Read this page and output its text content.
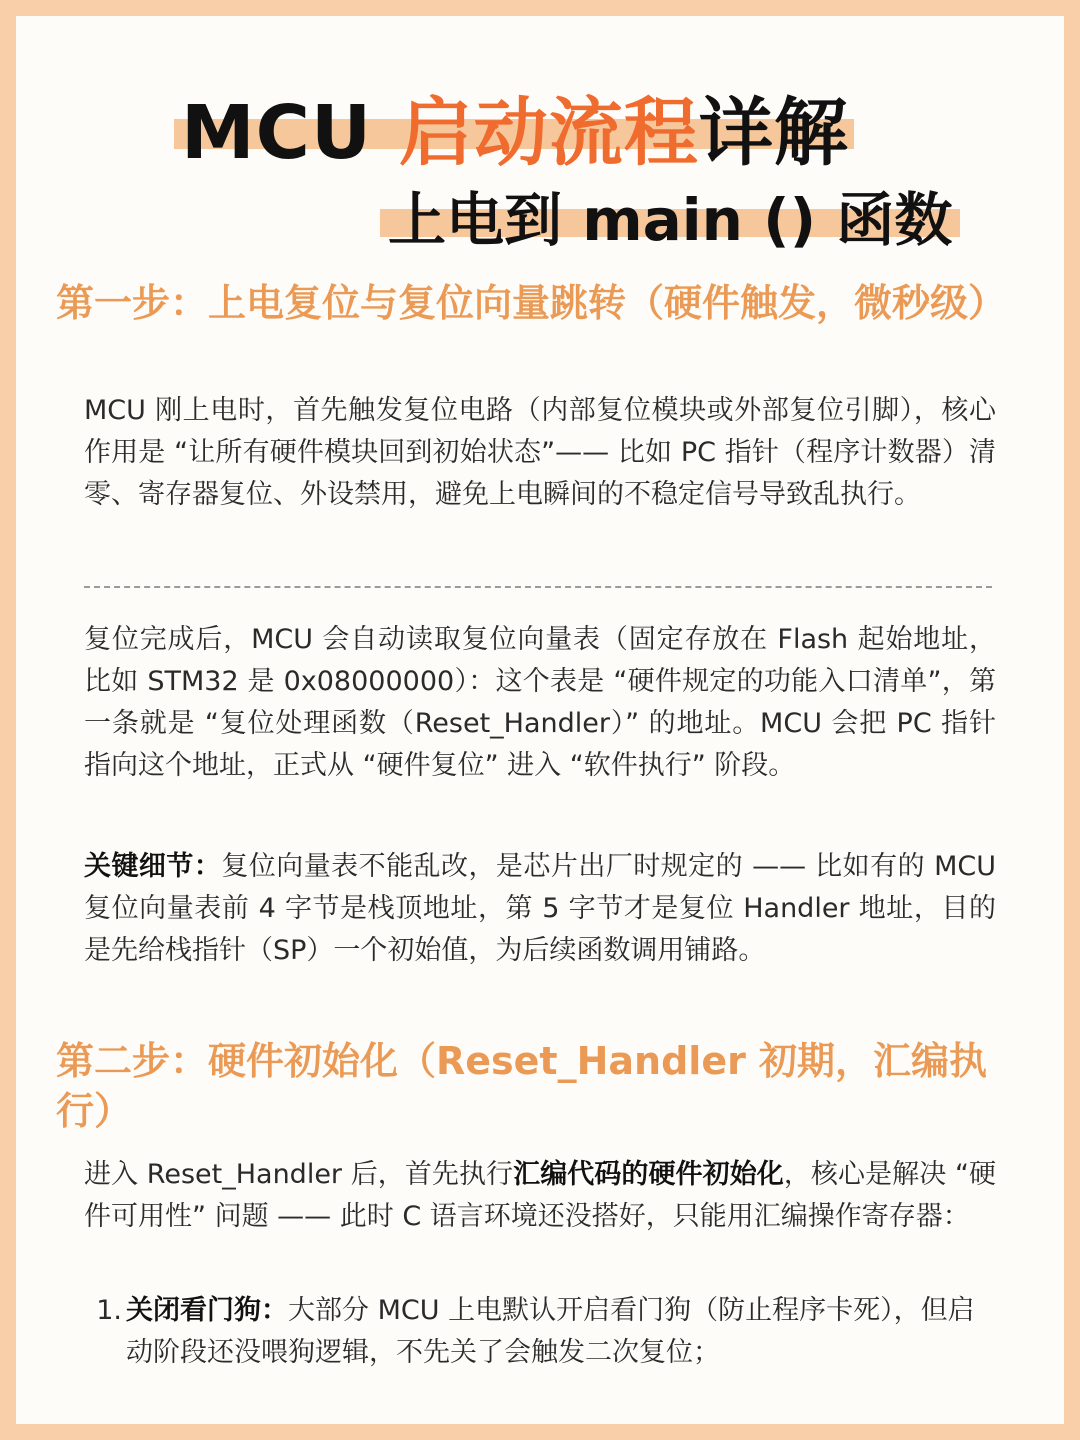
MCU 启动流程详解
上电到 main () 函数
第一步：上电复位与复位向量跳转（硬件触发，微秒级）

MCU 刚上电时，首先触发复位电路（内部复位模块或外部复位引脚），核心作用是 “让所有硬件模块回到初始状态”—— 比如 PC 指针（程序计数器）清零、寄存器复位、外设禁用，避免上电瞬间的不稳定信号导致乱执行。

复位完成后，MCU 会自动读取复位向量表（固定存放在 Flash 起始地址，比如 STM32 是 0x08000000）：这个表是 “硬件规定的功能入口清单”，第一条就是 “复位处理函数（Reset_Handler）” 的地址。MCU 会把 PC 指针指向这个地址，正式从 “硬件复位” 进入 “软件执行” 阶段。

关键细节：复位向量表不能乱改，是芯片出厂时规定的 —— 比如有的 MCU 复位向量表前 4 字节是栈顶地址，第 5 字节才是复位 Handler 地址，目的是先给栈指针（SP）一个初始值，为后续函数调用铺路。

第二步：硬件初始化（Reset_Handler 初期，汇编执行）

进入 Reset_Handler 后，首先执行汇编代码的硬件初始化，核心是解决 “硬件可用性” 问题 —— 此时 C 语言环境还没搭好，只能用汇编操作寄存器：

1. 关闭看门狗：大部分 MCU 上电默认开启看门狗（防止程序卡死），但启动阶段还没喂狗逻辑，不先关了会触发二次复位；
